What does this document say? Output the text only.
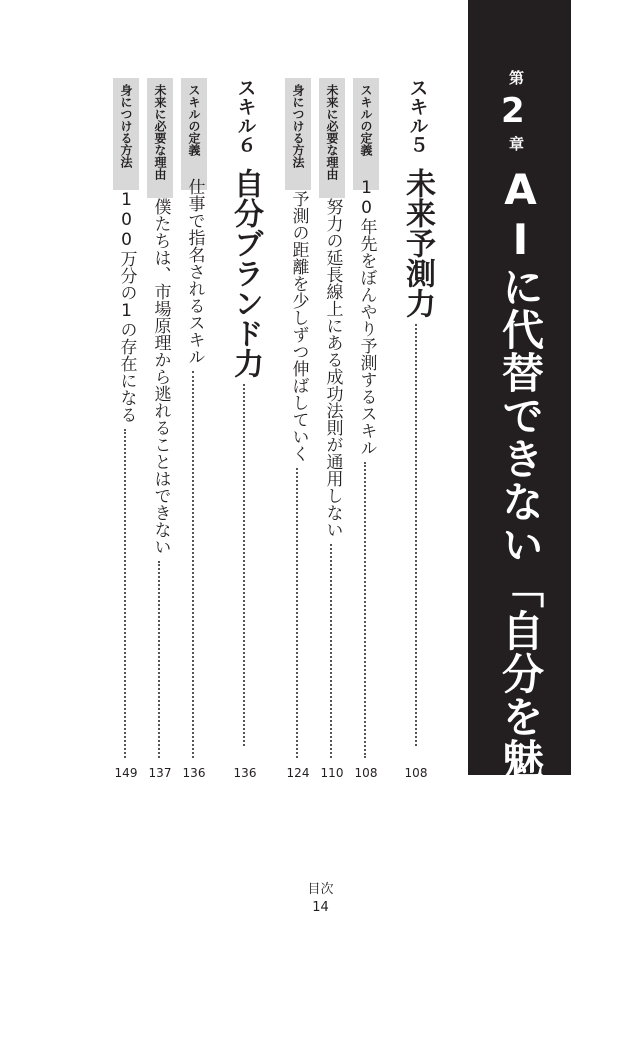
第
2
章
AIに代替できない「自分を魅せるスキル」
108
スキル５
未来予測力
スキルの定義
10年先をぼんやり予測するスキル
108
未来に必要な理由
努力の延長線上にある成功法則が通用しない
110
身につける方法
予測の距離を少しずつ伸ばしていく
124
スキル６
自分ブランド力
136
スキルの定義
仕事で指名されるスキル
136
未来に必要な理由
僕たちは、市場原理から逃れることはできない
137
身につける方法
100万分の1の存在になる
149
目次
14
